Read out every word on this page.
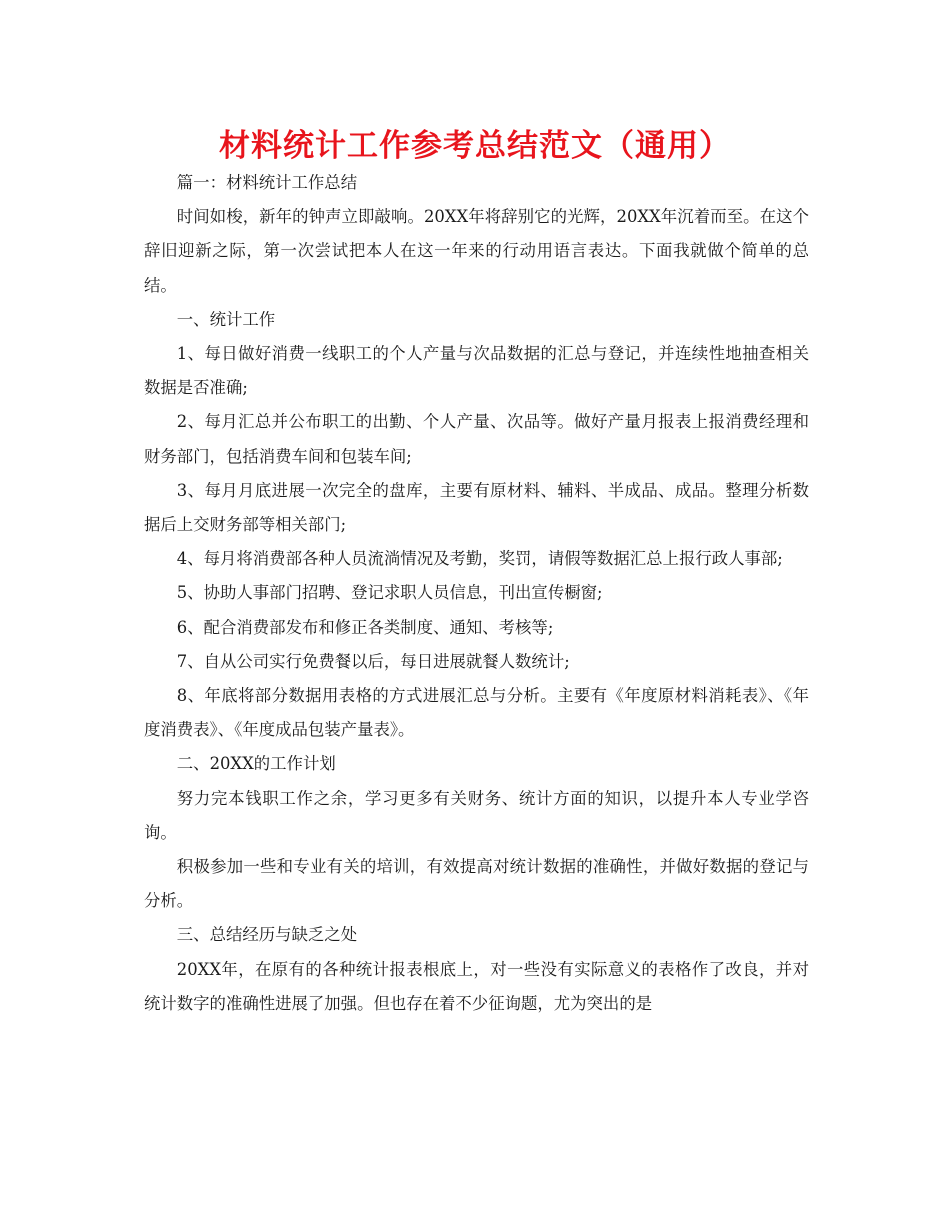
材料统计工作参考总结范文（通用）

篇一：材料统计工作总结

时间如梭，新年的钟声立即敲响。20XX年将辞别它的光辉，20XX年沉着而至。在这个辞旧迎新之际，第一次尝试把本人在这一年来的行动用语言表达。下面我就做个简单的总结。

一、统计工作

1、每日做好消费一线职工的个人产量与次品数据的汇总与登记，并连续性地抽查相关数据是否准确;

2、每月汇总并公布职工的出勤、个人产量、次品等。做好产量月报表上报消费经理和财务部门，包括消费车间和包装车间;

3、每月月底进展一次完全的盘库，主要有原材料、辅料、半成品、成品。整理分析数据后上交财务部等相关部门;

4、每月将消费部各种人员流淌情况及考勤，奖罚，请假等数据汇总上报行政人事部;

5、协助人事部门招聘、登记求职人员信息，刊出宣传橱窗;

6、配合消费部发布和修正各类制度、通知、考核等;

7、自从公司实行免费餐以后，每日进展就餐人数统计;

8、年底将部分数据用表格的方式进展汇总与分析。主要有《年度原材料消耗表》、《年度消费表》、《年度成品包装产量表》。

二、20XX的工作计划

努力完本钱职工作之余，学习更多有关财务、统计方面的知识，以提升本人专业学咨询。

积极参加一些和专业有关的培训，有效提高对统计数据的准确性，并做好数据的登记与分析。

三、总结经历与缺乏之处

20XX年，在原有的各种统计报表根底上，对一些没有实际意义的表格作了改良，并对统计数字的准确性进展了加强。但也存在着不少征询题，尤为突出的是
